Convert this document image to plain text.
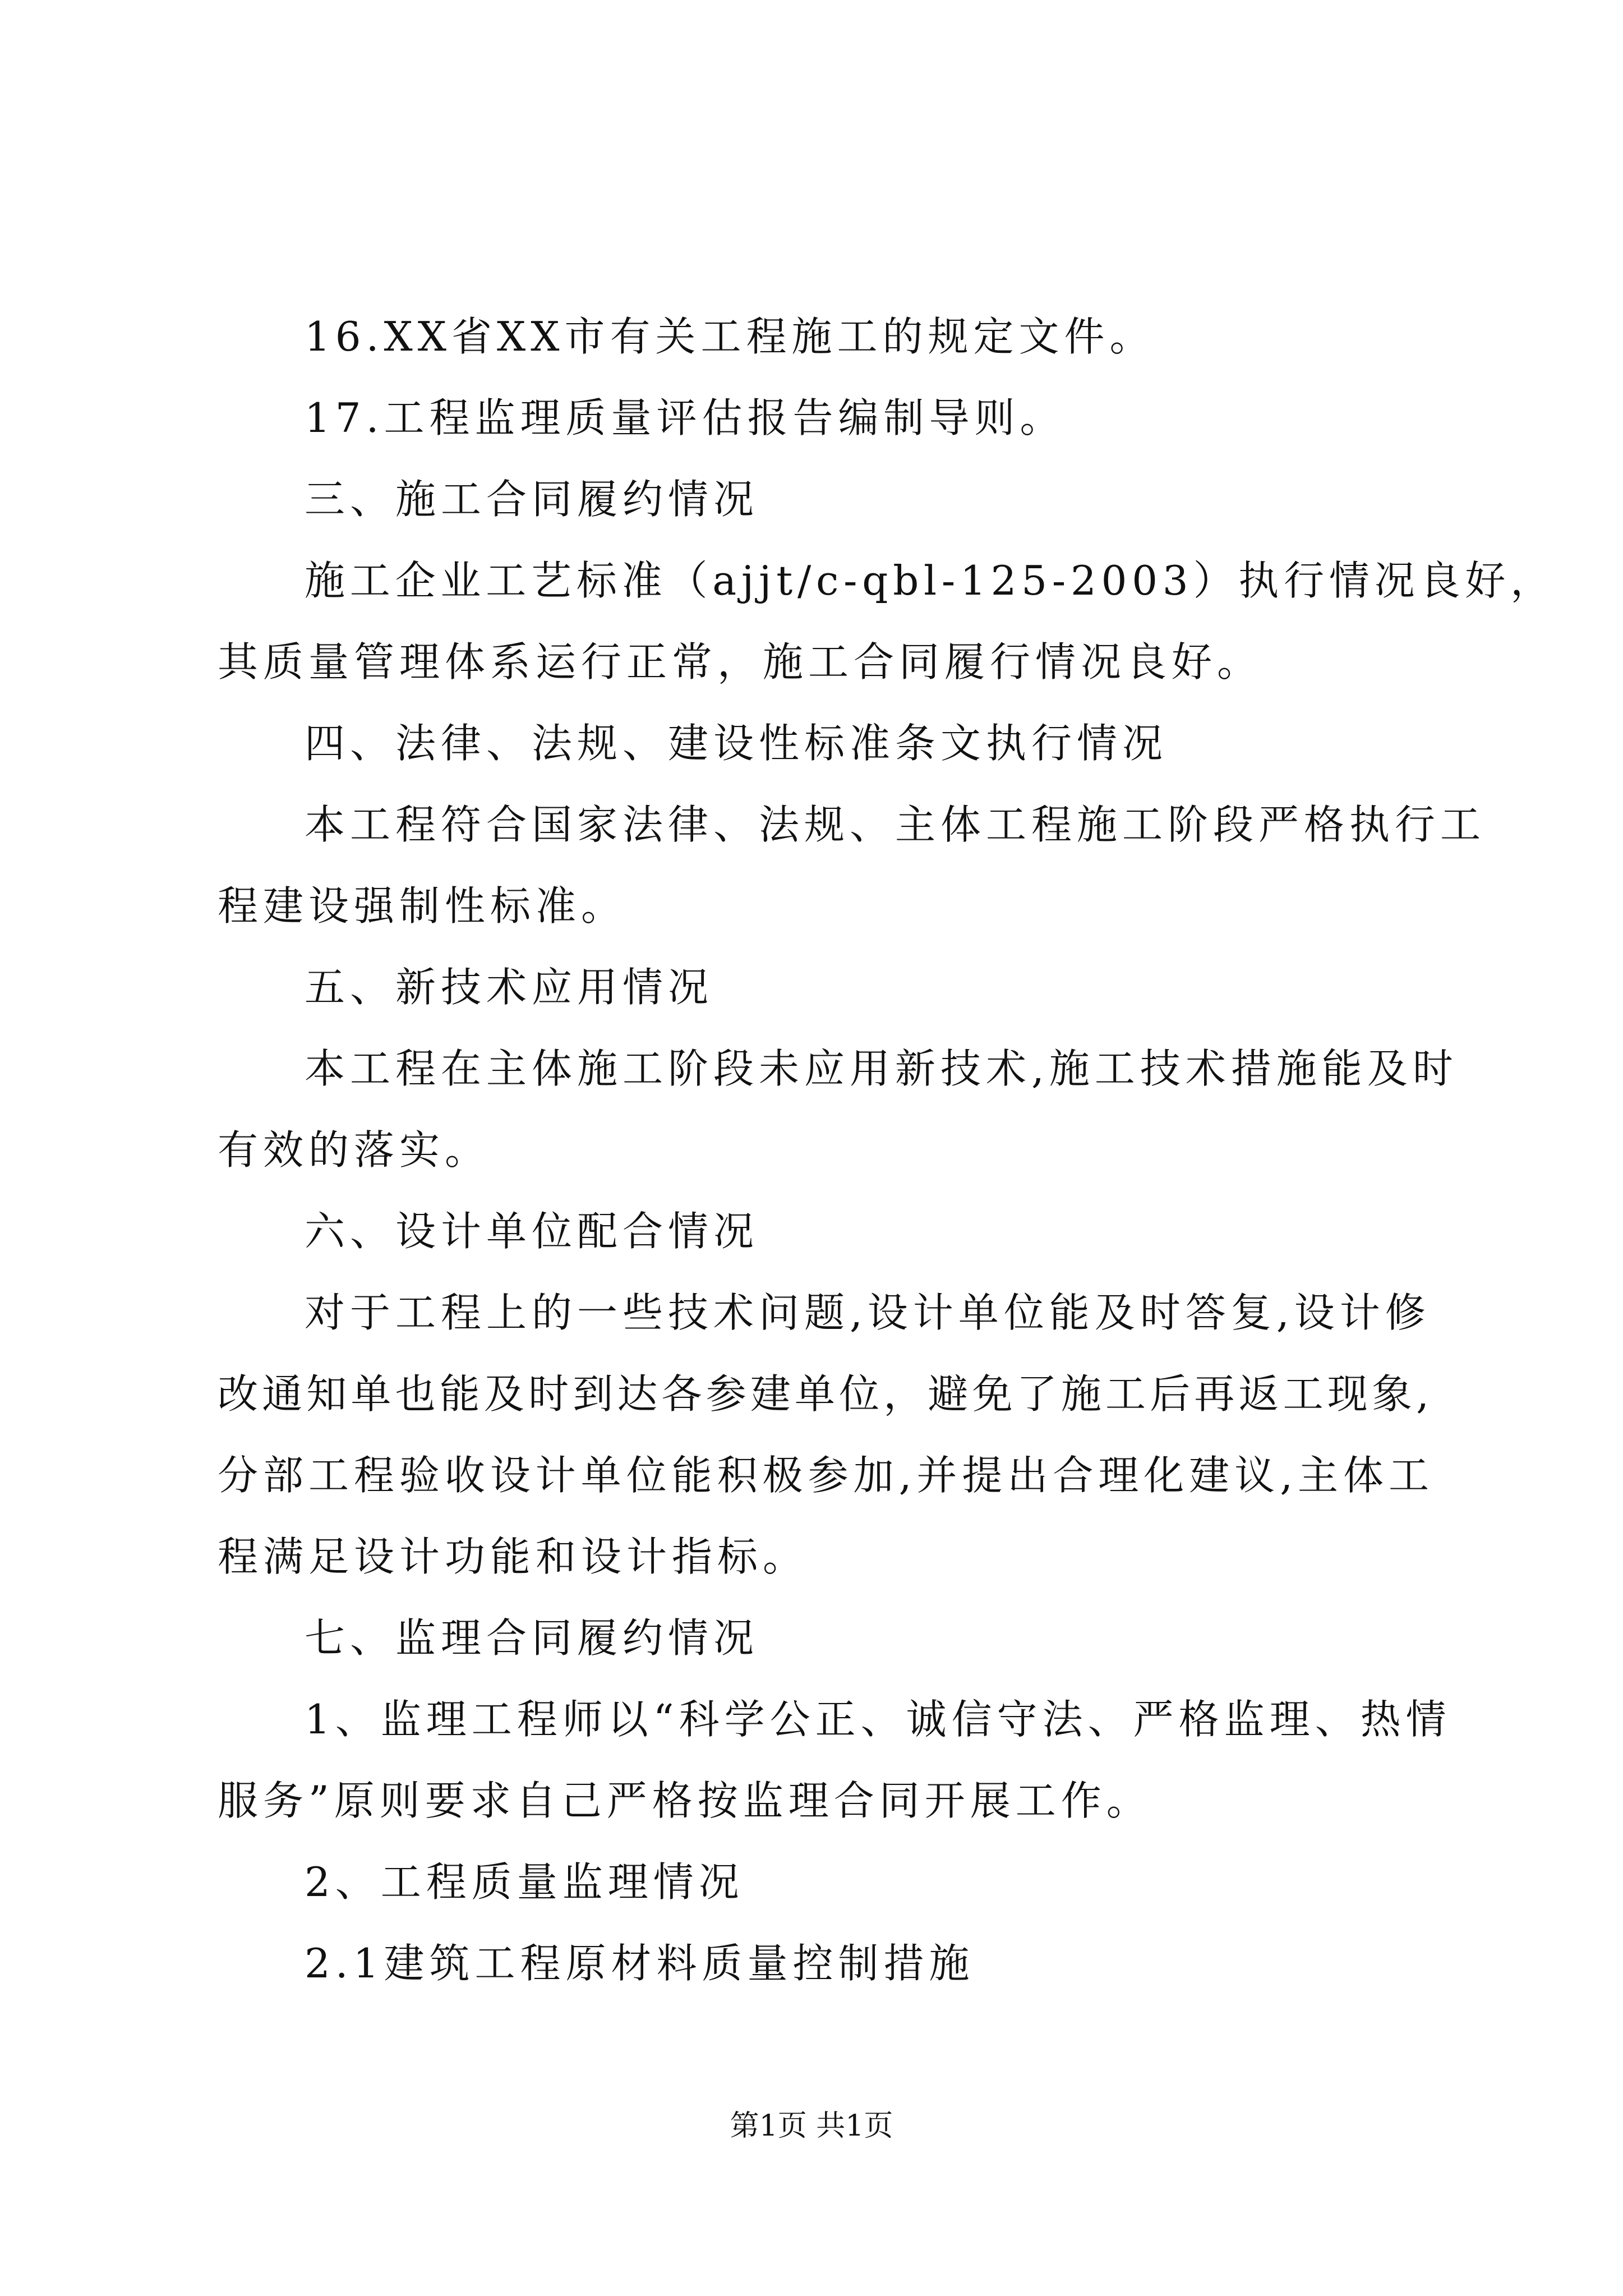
16.XX省XX市有关工程施工的规定文件。
17.工程监理质量评估报告编制导则。
三、施工合同履约情况
施工企业工艺标准（ajjt/c-qbl-125-2003）执行情况良好，
其质量管理体系运行正常，施工合同履行情况良好。
四、法律、法规、建设性标准条文执行情况
本工程符合国家法律、法规、主体工程施工阶段严格执行工
程建设强制性标准。
五、新技术应用情况
本工程在主体施工阶段未应用新技术,施工技术措施能及时
有效的落实。
六、设计单位配合情况
对于工程上的一些技术问题,设计单位能及时答复,设计修
改通知单也能及时到达各参建单位，避免了施工后再返工现象,
分部工程验收设计单位能积极参加,并提出合理化建议,主体工
程满足设计功能和设计指标。
七、监理合同履约情况
1、监理工程师以“科学公正、诚信守法、严格监理、热情
服务”原则要求自己严格按监理合同开展工作。
2、工程质量监理情况
2.1建筑工程原材料质量控制措施
第1页 共1页
